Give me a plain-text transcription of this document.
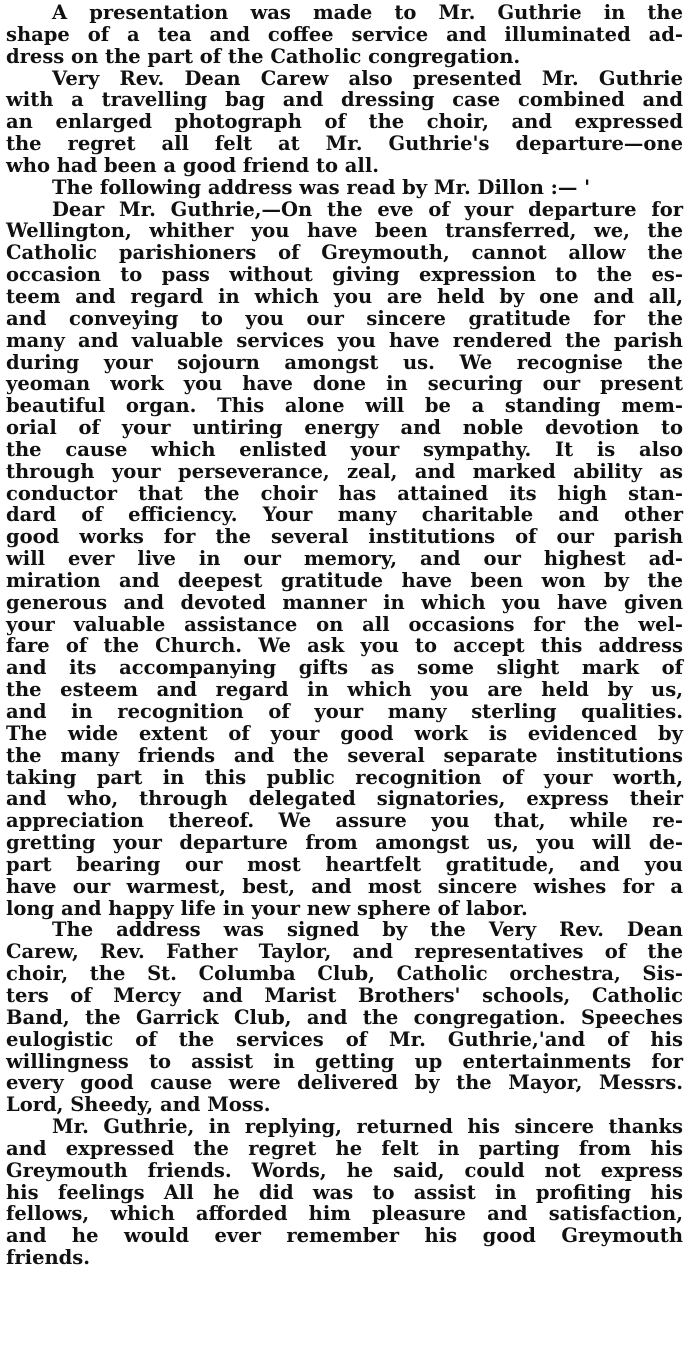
A presentation was made to Mr. Guthrie in the
shape of a tea and coffee service and illuminated ad-
dress on the part of the Catholic congregation.

Very Rev. Dean Carew also presented Mr. Guthrie
with a travelling bag and dressing case combined and
an enlarged photograph of the choir, and expressed
the regret all felt at Mr. Guthrie's departure—one
who had been a good friend to all.

The following address was read by Mr. Dillon :— '

Dear Mr. Guthrie,—On the eve of your departure for
Wellington, whither you have been transferred, we, the
Catholic parishioners of Greymouth, cannot allow the
occasion to pass without giving expression to the es-
teem and regard in which you are held by one and all,
and conveying to you our sincere gratitude for the
many and valuable services you have rendered the parish
during your sojourn amongst us. We recognise the
yeoman work you have done in securing our present
beautiful organ. This alone will be a standing mem-
orial of your untiring energy and noble devotion to
the cause which enlisted your sympathy. It is also
through your perseverance, zeal, and marked ability as
conductor that the choir has attained its high stan-
dard of efficiency. Your many charitable and other
good works for the several institutions of our parish
will ever live in our memory, and our highest ad-
miration and deepest gratitude have been won by the
generous and devoted manner in which you have given
your valuable assistance on all occasions for the wel-
fare of the Church. We ask you to accept this address
and its accompanying gifts as some slight mark of
the esteem and regard in which you are held by us,
and in recognition of your many sterling qualities.
The wide extent of your good work is evidenced by
the many friends and the several separate institutions
taking part in this public recognition of your worth,
and who, through delegated signatories, express their
appreciation thereof. We assure you that, while re-
gretting your departure from amongst us, you will de-
part bearing our most heartfelt gratitude, and you
have our warmest, best, and most sincere wishes for a
long and happy life in your new sphere of labor.

The address was signed by the Very Rev. Dean
Carew, Rev. Father Taylor, and representatives of the
choir, the St. Columba Club, Catholic orchestra, Sis-
ters of Mercy and Marist Brothers' schools, Catholic
Band, the Garrick Club, and the congregation. Speeches
eulogistic of the services of Mr. Guthrie,'and of his
willingness to assist in getting up entertainments for
every good cause were delivered by the Mayor, Messrs.
Lord, Sheedy, and Moss.

Mr. Guthrie, in replying, returned his sincere thanks
and expressed the regret he felt in parting from his
Greymouth friends. Words, he said, could not express
his feelings All he did was to assist in profiting his
fellows, which afforded him pleasure and satisfaction,
and he would ever remember his good Greymouth
friends.
